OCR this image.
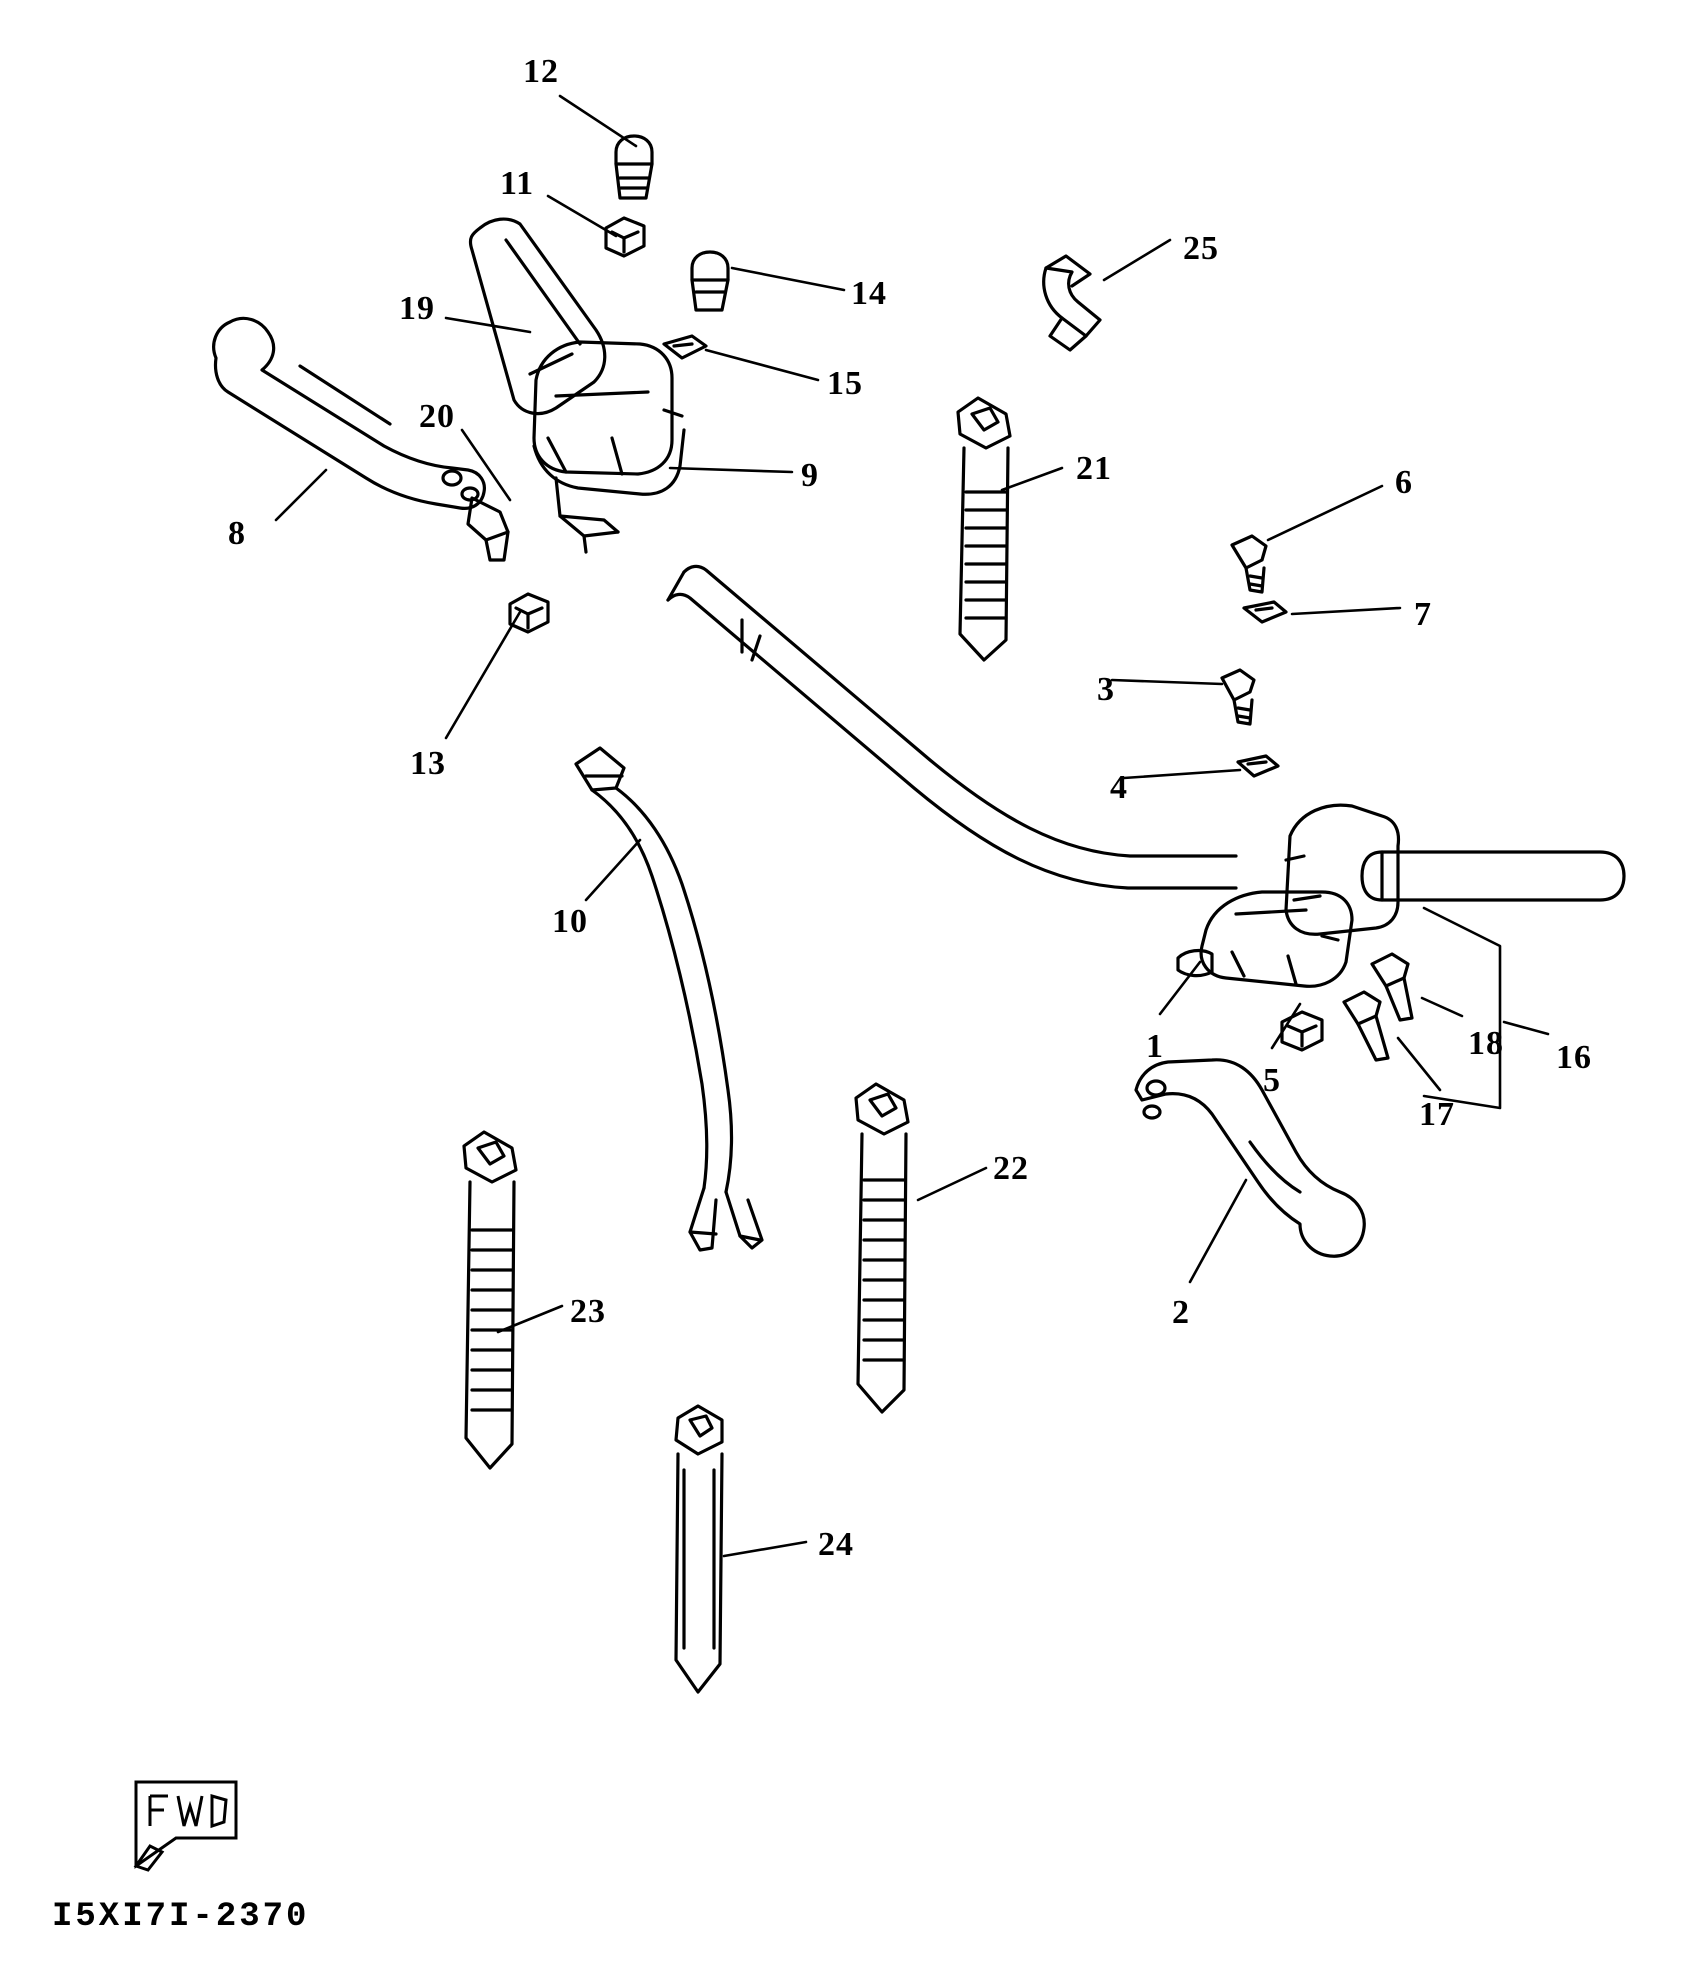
1
2
3
4
5
6
7
8
9
10
11
12
13
14
15
16
17
18
19
20
21
22
23
24
25
I5XI7I-2370
